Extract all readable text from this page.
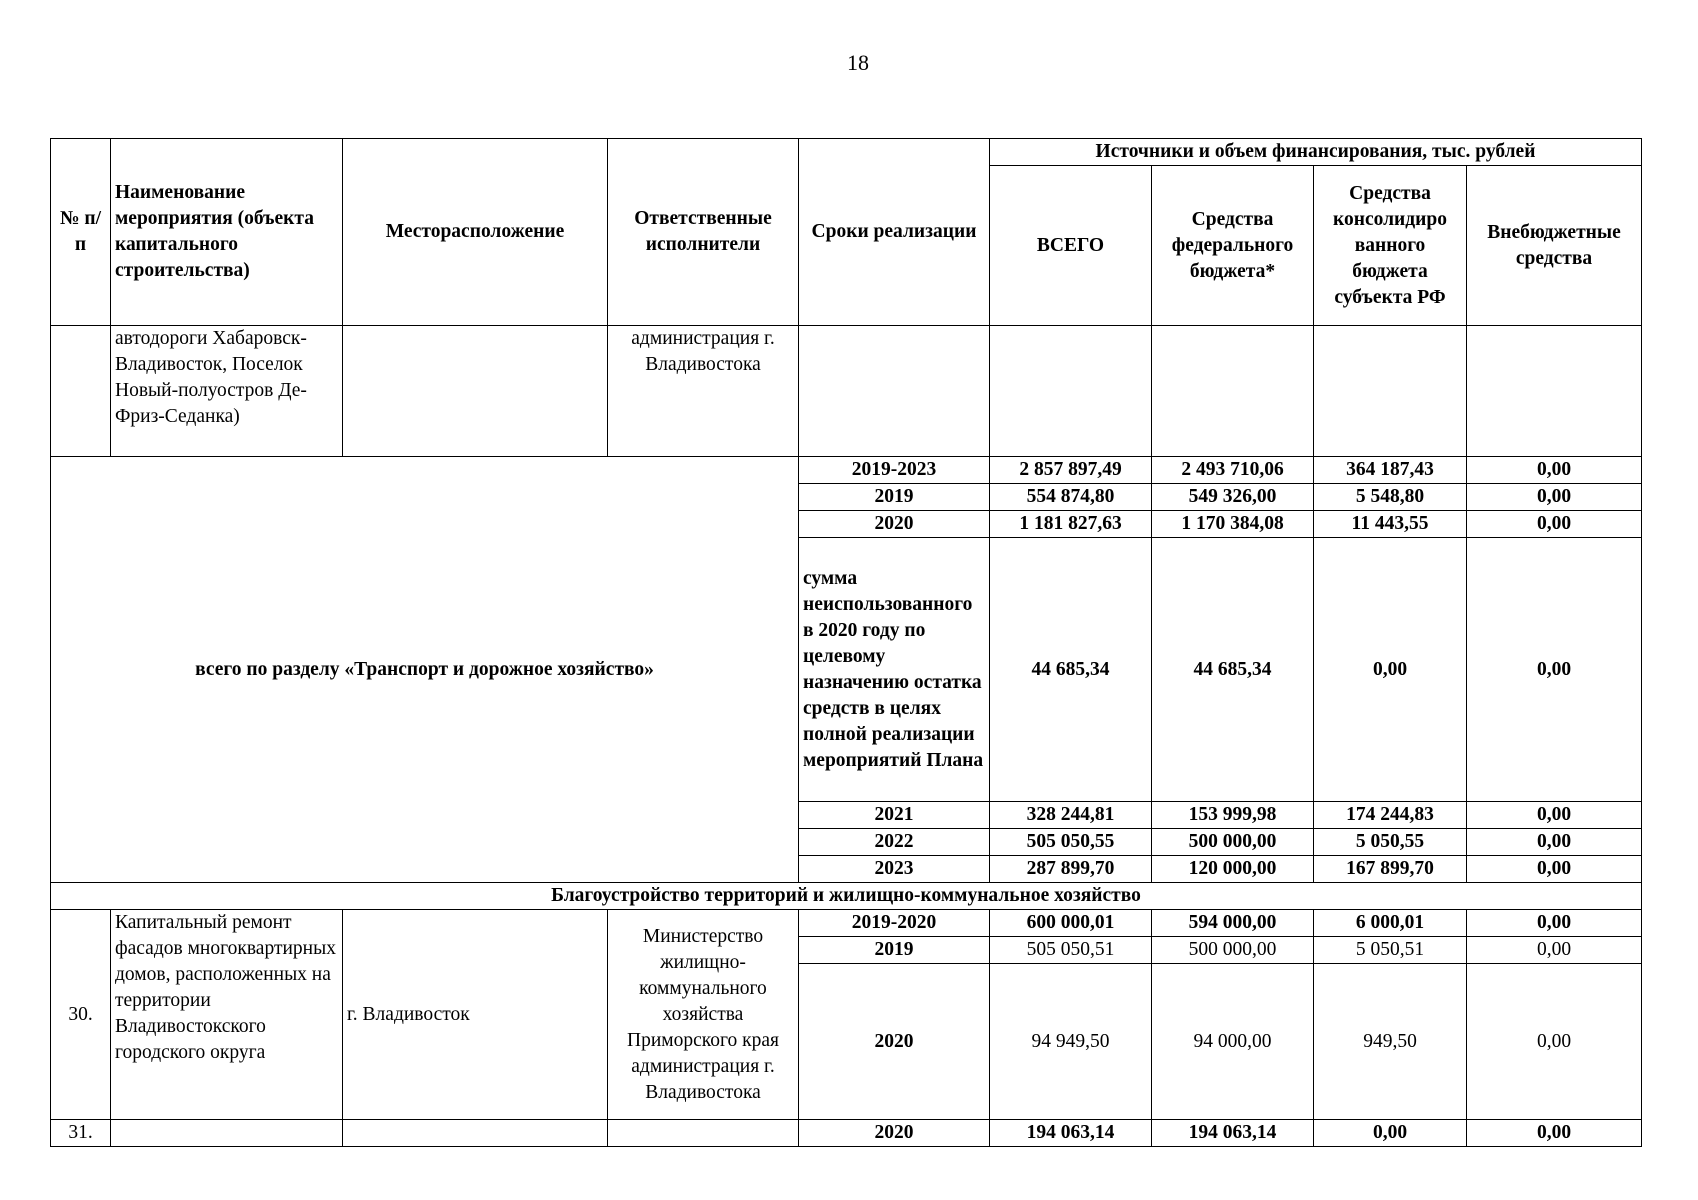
18
№ п/п	Наименование мероприятия (объекта капитального строительства)	Месторасположение	Ответственные исполнители	Сроки реализации	Источники и объем финансирования, тыс. рублей			
					ВСЕГО	Средства федерального бюджета*	Средства консолидиро ванного бюджета субъекта РФ	Внебюджетные средства
	автодороги Хабаровск-Владивосток, Поселок Новый-полуостров Де-Фриз-Седанка)		администрация г. Владивостока					
всего по разделу «Транспорт и дорожное хозяйство»				2019-2023	2 857 897,49	2 493 710,06	364 187,43	0,00
				2019	554 874,80	549 326,00	5 548,80	0,00
				2020	1 181 827,63	1 170 384,08	11 443,55	0,00
				сумма неиспользованного в 2020 году по целевому назначению остатка средств в целях полной реализации мероприятий Плана	44 685,34	44 685,34	0,00	0,00
				2021	328 244,81	153 999,98	174 244,83	0,00
				2022	505 050,55	500 000,00	5 050,55	0,00
				2023	287 899,70	120 000,00	167 899,70	0,00
Благоустройство территорий и жилищно-коммунальное хозяйство								
30.	Капитальный ремонт фасадов многоквартирных домов, расположенных на территории Владивостокского городского округа	г. Владивосток	Министерство жилищно-коммунального хозяйства Приморского края администрация г. Владивостока	2019-2020	600 000,01	594 000,00	6 000,01	0,00
				2019	505 050,51	500 000,00	5 050,51	0,00
				2020	94 949,50	94 000,00	949,50	0,00
31.				2020	194 063,14	194 063,14	0,00	0,00
